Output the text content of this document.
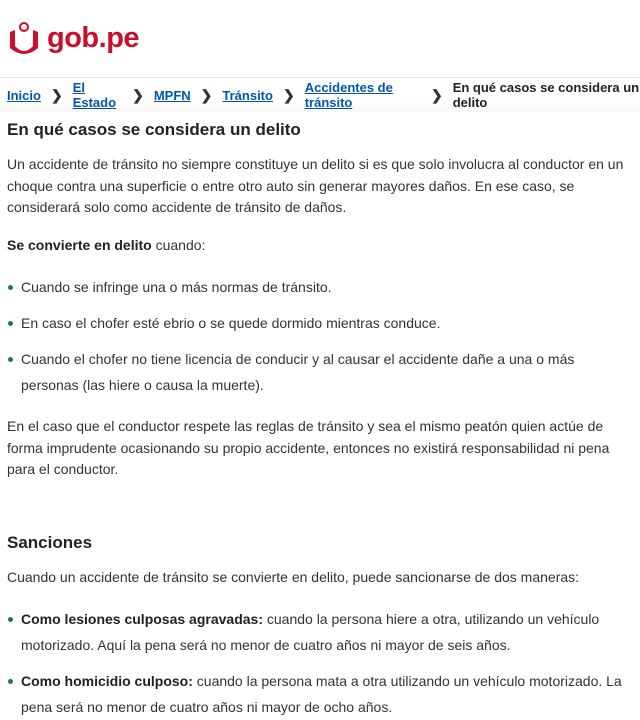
gob.pe
Inicio ❯ El Estado	❯ MPFN ❯ Tránsito ❯ Accidentes de tránsito	❯ En qué casos se considera un delito
En qué casos se considera un delito

Un accidente de tránsito no siempre constituye un delito si es que solo involucra al conductor en un choque contra una superficie o entre otro auto sin generar mayores daños. En ese caso, se considerará solo como accidente de tránsito de daños.

Se convierte en delito cuando:

Cuando se infringe una o más normas de tránsito.
En caso el chofer esté ebrio o se quede dormido mientras conduce.
Cuando el chofer no tiene licencia de conducir y al causar el accidente dañe a una o más personas (las hiere o causa la muerte).

En el caso que el conductor respete las reglas de tránsito y sea el mismo peatón quien actúe de forma imprudente ocasionando su propio accidente, entonces no existirá responsabilidad ni pena para el conductor.

Sanciones

Cuando un accidente de tránsito se convierte en delito, puede sancionarse de dos maneras:

Como lesiones culposas agravadas: cuando la persona hiere a otra, utilizando un vehículo motorizado. Aquí la pena será no menor de cuatro años ni mayor de seis años.
Como homicidio culposo: cuando la persona mata a otra utilizando un vehículo motorizado. La pena será no menor de cuatro años ni mayor de ocho años.
